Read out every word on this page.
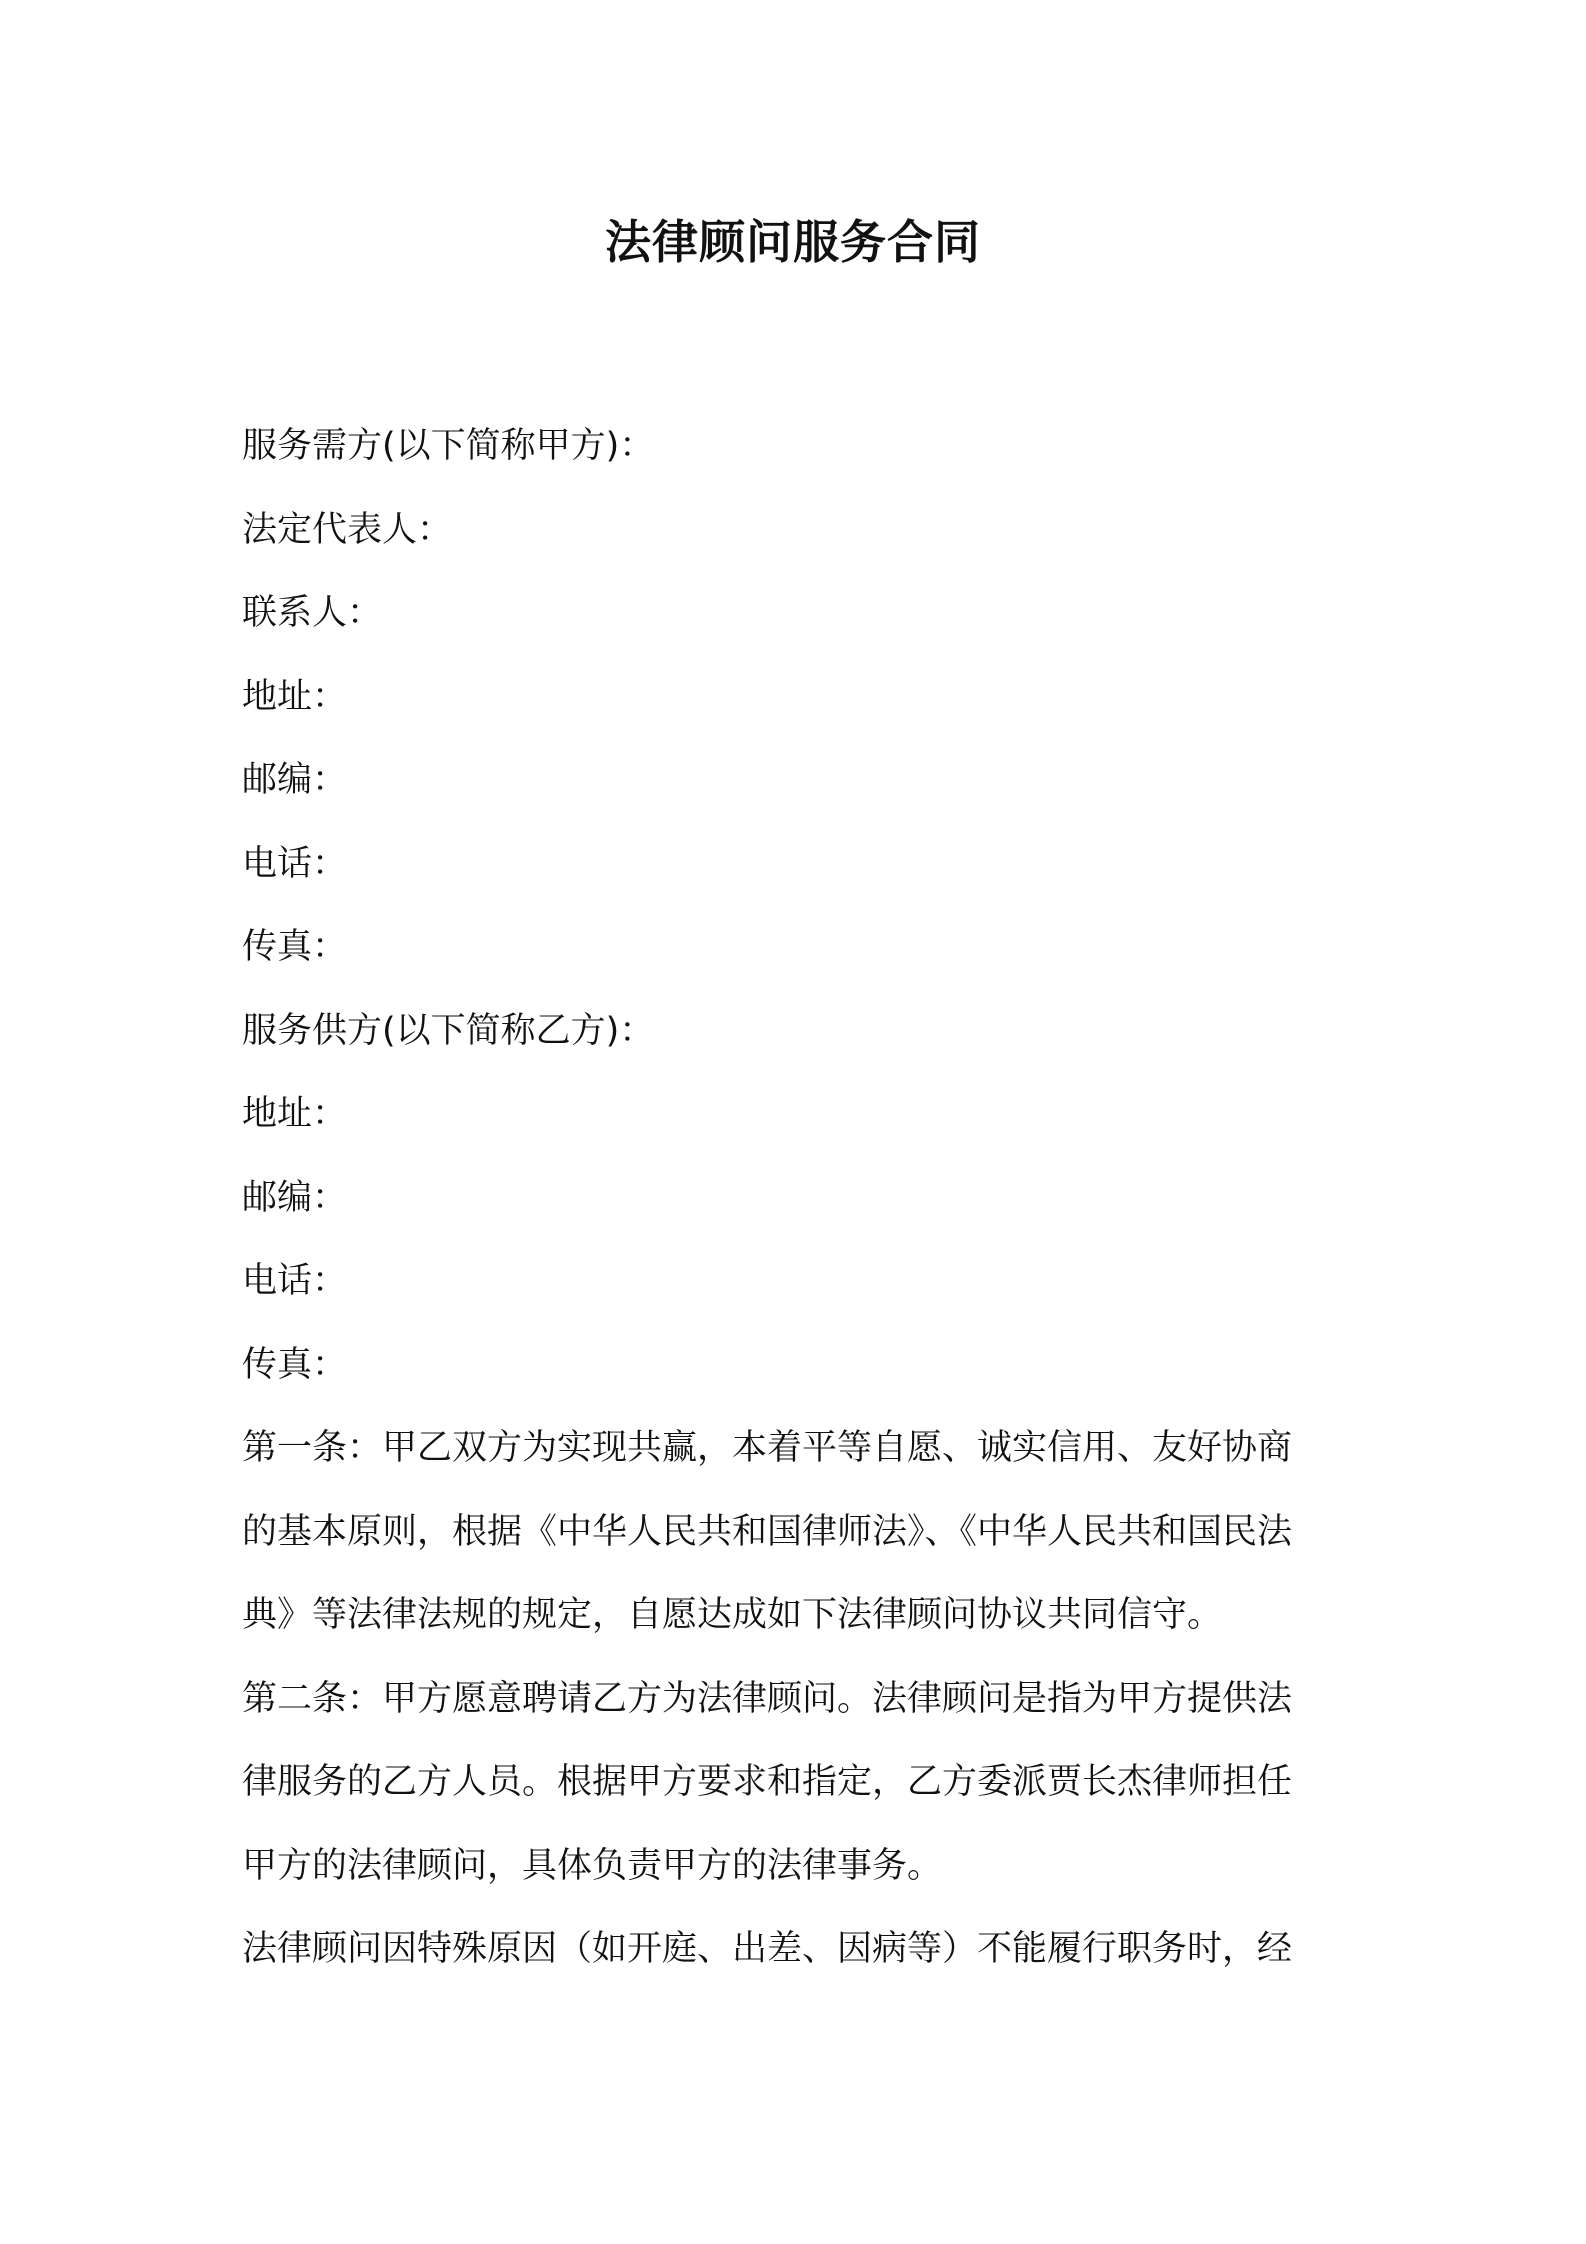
法律顾问服务合同
服务需方(以下简称甲方)：
法定代表人：
联系人：
地址：
邮编：
电话：
传真：
服务供方(以下简称乙方)：
地址：
邮编：
电话：
传真：
第一条：甲乙双方为实现共赢，本着平等自愿、诚实信用、友好协商
的基本原则，根据《中华人民共和国律师法》、《中华人民共和国民法
典》等法律法规的规定，自愿达成如下法律顾问协议共同信守。
第二条：甲方愿意聘请乙方为法律顾问。法律顾问是指为甲方提供法
律服务的乙方人员。根据甲方要求和指定，乙方委派贾长杰律师担任
甲方的法律顾问，具体负责甲方的法律事务。
法律顾问因特殊原因（如开庭、出差、因病等）不能履行职务时，经
